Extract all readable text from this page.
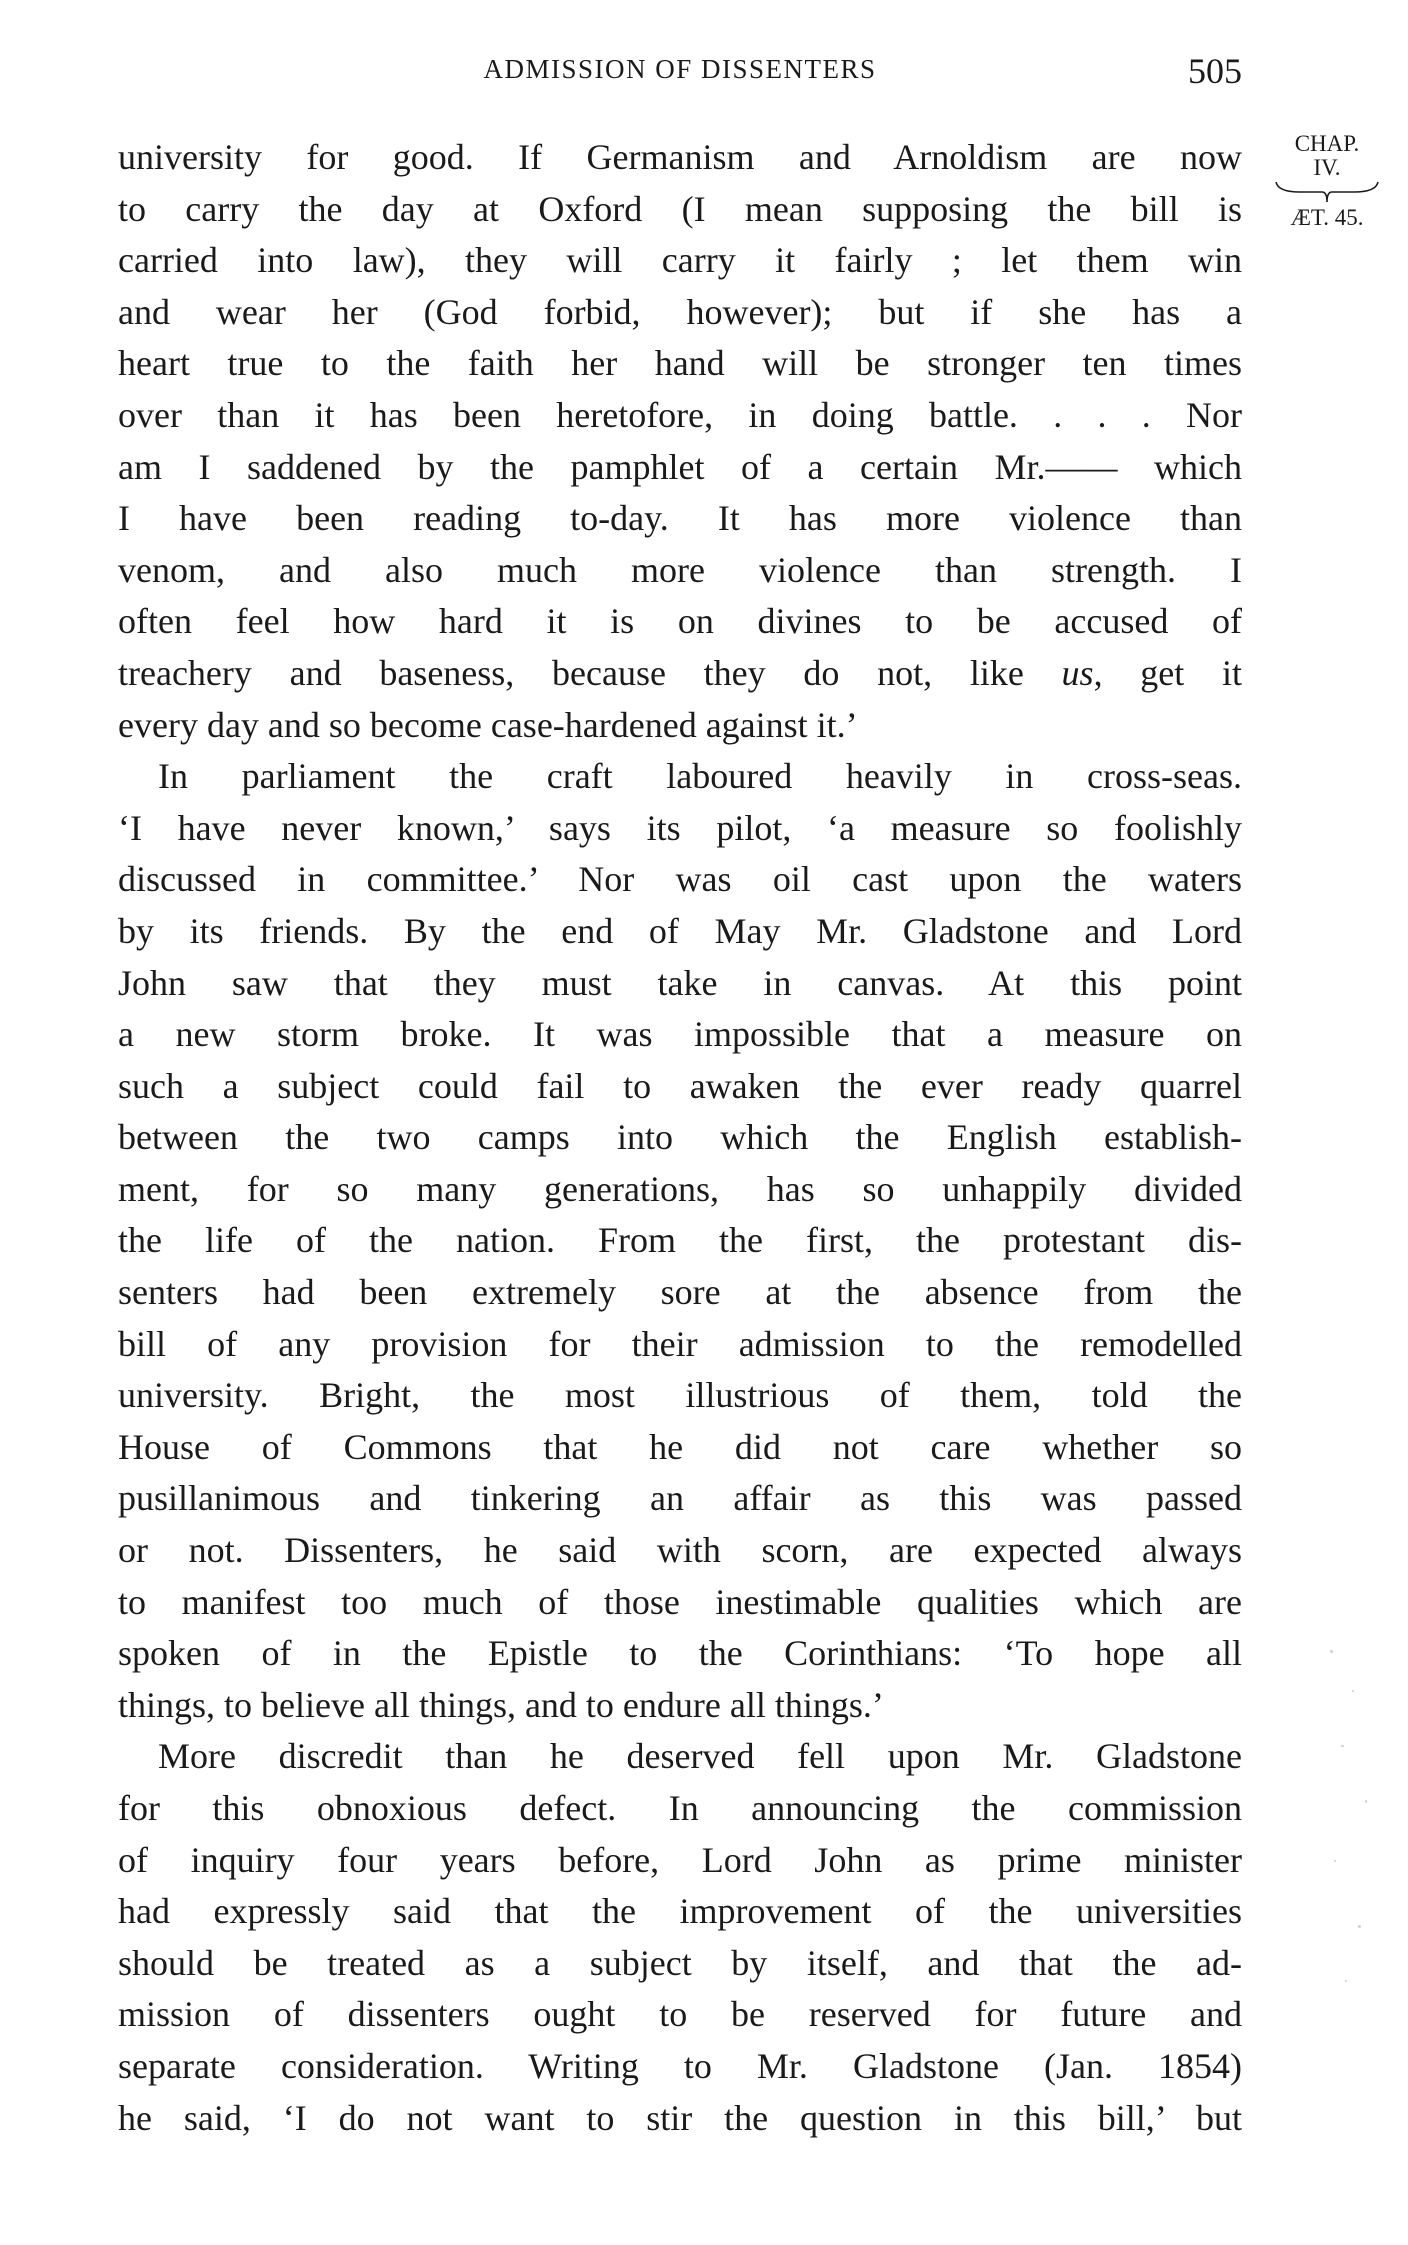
ADMISSION OF DISSENTERS	505
CHAP.
IV.
ÆT. 45.

university for good. If Germanism and Arnoldism are now
to carry the day at Oxford (I mean supposing the bill is
carried into law), they will carry it fairly ; let them win
and wear her (God forbid, however); but if she has a
heart true to the faith her hand will be stronger ten times
over than it has been heretofore, in doing battle. . . . Nor
am I saddened by the pamphlet of a certain Mr.—— which
I have been reading to-day. It has more violence than
venom, and also much more violence than strength. I
often feel how hard it is on divines to be accused of
treachery and baseness, because they do not, like us, get it
every day and so become case-hardened against it.’

In parliament the craft laboured heavily in cross-seas.
‘I have never known,’ says its pilot, ‘a measure so foolishly
discussed in committee.’ Nor was oil cast upon the waters
by its friends. By the end of May Mr. Gladstone and Lord
John saw that they must take in canvas. At this point
a new storm broke. It was impossible that a measure on
such a subject could fail to awaken the ever ready quarrel
between the two camps into which the English establish-
ment, for so many generations, has so unhappily divided
the life of the nation. From the first, the protestant dis-
senters had been extremely sore at the absence from the
bill of any provision for their admission to the remodelled
university. Bright, the most illustrious of them, told the
House of Commons that he did not care whether so
pusillanimous and tinkering an affair as this was passed
or not. Dissenters, he said with scorn, are expected always
to manifest too much of those inestimable qualities which are
spoken of in the Epistle to the Corinthians: ‘To hope all
things, to believe all things, and to endure all things.’

More discredit than he deserved fell upon Mr. Gladstone
for this obnoxious defect. In announcing the commission
of inquiry four years before, Lord John as prime minister
had expressly said that the improvement of the universities
should be treated as a subject by itself, and that the ad-
mission of dissenters ought to be reserved for future and
separate consideration. Writing to Mr. Gladstone (Jan. 1854)
he said, ‘I do not want to stir the question in this bill,’ but
